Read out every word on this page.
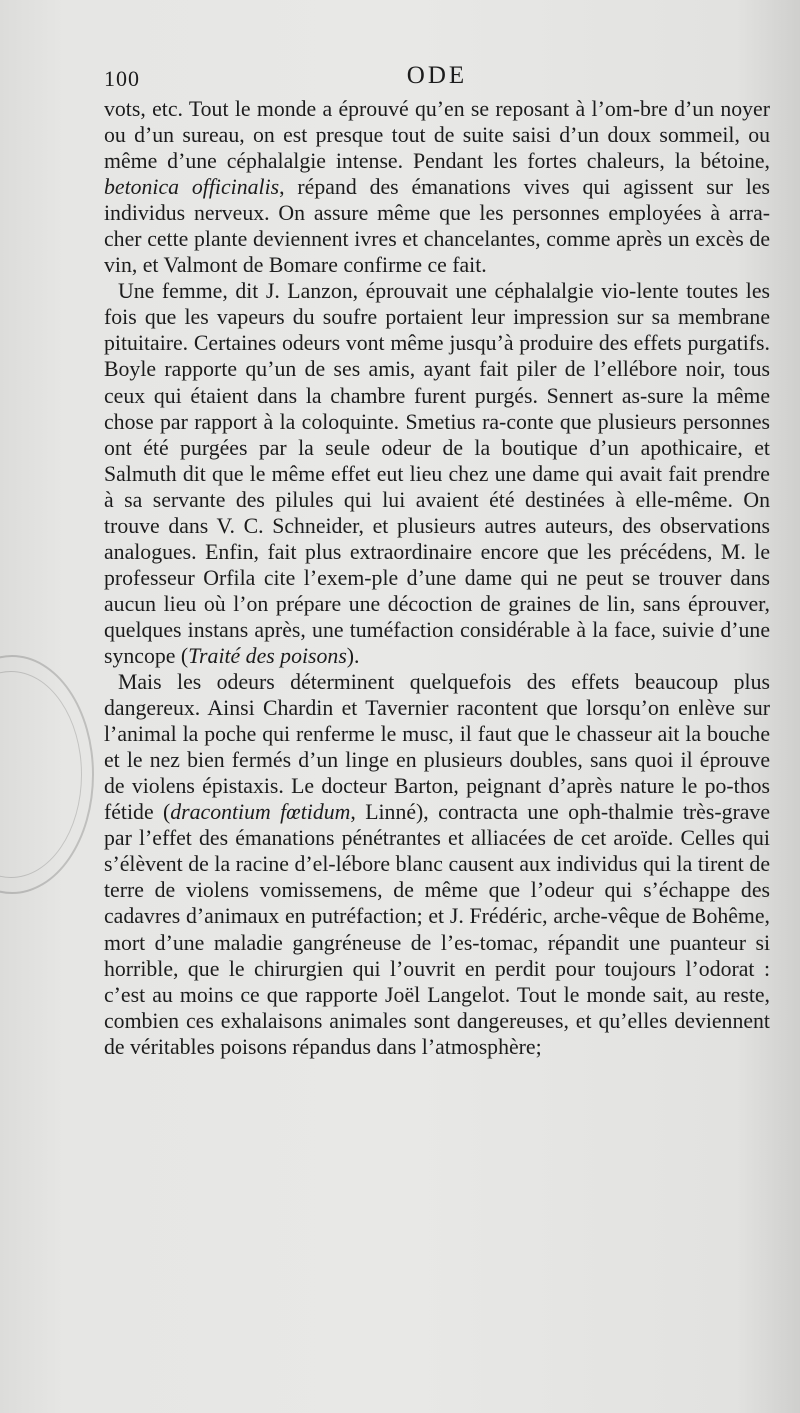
100	ODE

vots, etc. Tout le monde a éprouvé qu’en se reposant à l’om-bre d’un noyer ou d’un sureau, on est presque tout de suite saisi d’un doux sommeil, ou même d’une céphalalgie intense. Pendant les fortes chaleurs, la bétoine, betonica officinalis, répand des émanations vives qui agissent sur les individus nerveux. On assure même que les personnes employées à arra-cher cette plante deviennent ivres et chancelantes, comme après un excès de vin, et Valmont de Bomare confirme ce fait.

Une femme, dit J. Lanzon, éprouvait une céphalalgie vio-lente toutes les fois que les vapeurs du soufre portaient leur impression sur sa membrane pituitaire. Certaines odeurs vont même jusqu’à produire des effets purgatifs. Boyle rapporte qu’un de ses amis, ayant fait piler de l’ellébore noir, tous ceux qui étaient dans la chambre furent purgés. Sennert as-sure la même chose par rapport à la coloquinte. Smetius ra-conte que plusieurs personnes ont été purgées par la seule odeur de la boutique d’un apothicaire, et Salmuth dit que le même effet eut lieu chez une dame qui avait fait prendre à sa servante des pilules qui lui avaient été destinées à elle-même. On trouve dans V. C. Schneider, et plusieurs autres auteurs, des observations analogues. Enfin, fait plus extraordinaire encore que les précédens, M. le professeur Orfila cite l’exem-ple d’une dame qui ne peut se trouver dans aucun lieu où l’on prépare une décoction de graines de lin, sans éprouver, quelques instans après, une tuméfaction considérable à la face, suivie d’une syncope (Traité des poisons).

Mais les odeurs déterminent quelquefois des effets beaucoup plus dangereux. Ainsi Chardin et Tavernier racontent que lorsqu’on enlève sur l’animal la poche qui renferme le musc, il faut que le chasseur ait la bouche et le nez bien fermés d’un linge en plusieurs doubles, sans quoi il éprouve de violens épistaxis. Le docteur Barton, peignant d’après nature le po-thos fétide (dracontium fœtidum, Linné), contracta une oph-thalmie très-grave par l’effet des émanations pénétrantes et alliacées de cet aroïde. Celles qui s’élèvent de la racine d’el-lébore blanc causent aux individus qui la tirent de terre de violens vomissemens, de même que l’odeur qui s’échappe des cadavres d’animaux en putréfaction; et J. Frédéric, arche-vêque de Bohême, mort d’une maladie gangréneuse de l’es-tomac, répandit une puanteur si horrible, que le chirurgien qui l’ouvrit en perdit pour toujours l’odorat : c’est au moins ce que rapporte Joël Langelot. Tout le monde sait, au reste, combien ces exhalaisons animales sont dangereuses, et qu’elles deviennent de véritables poisons répandus dans l’atmosphère;
